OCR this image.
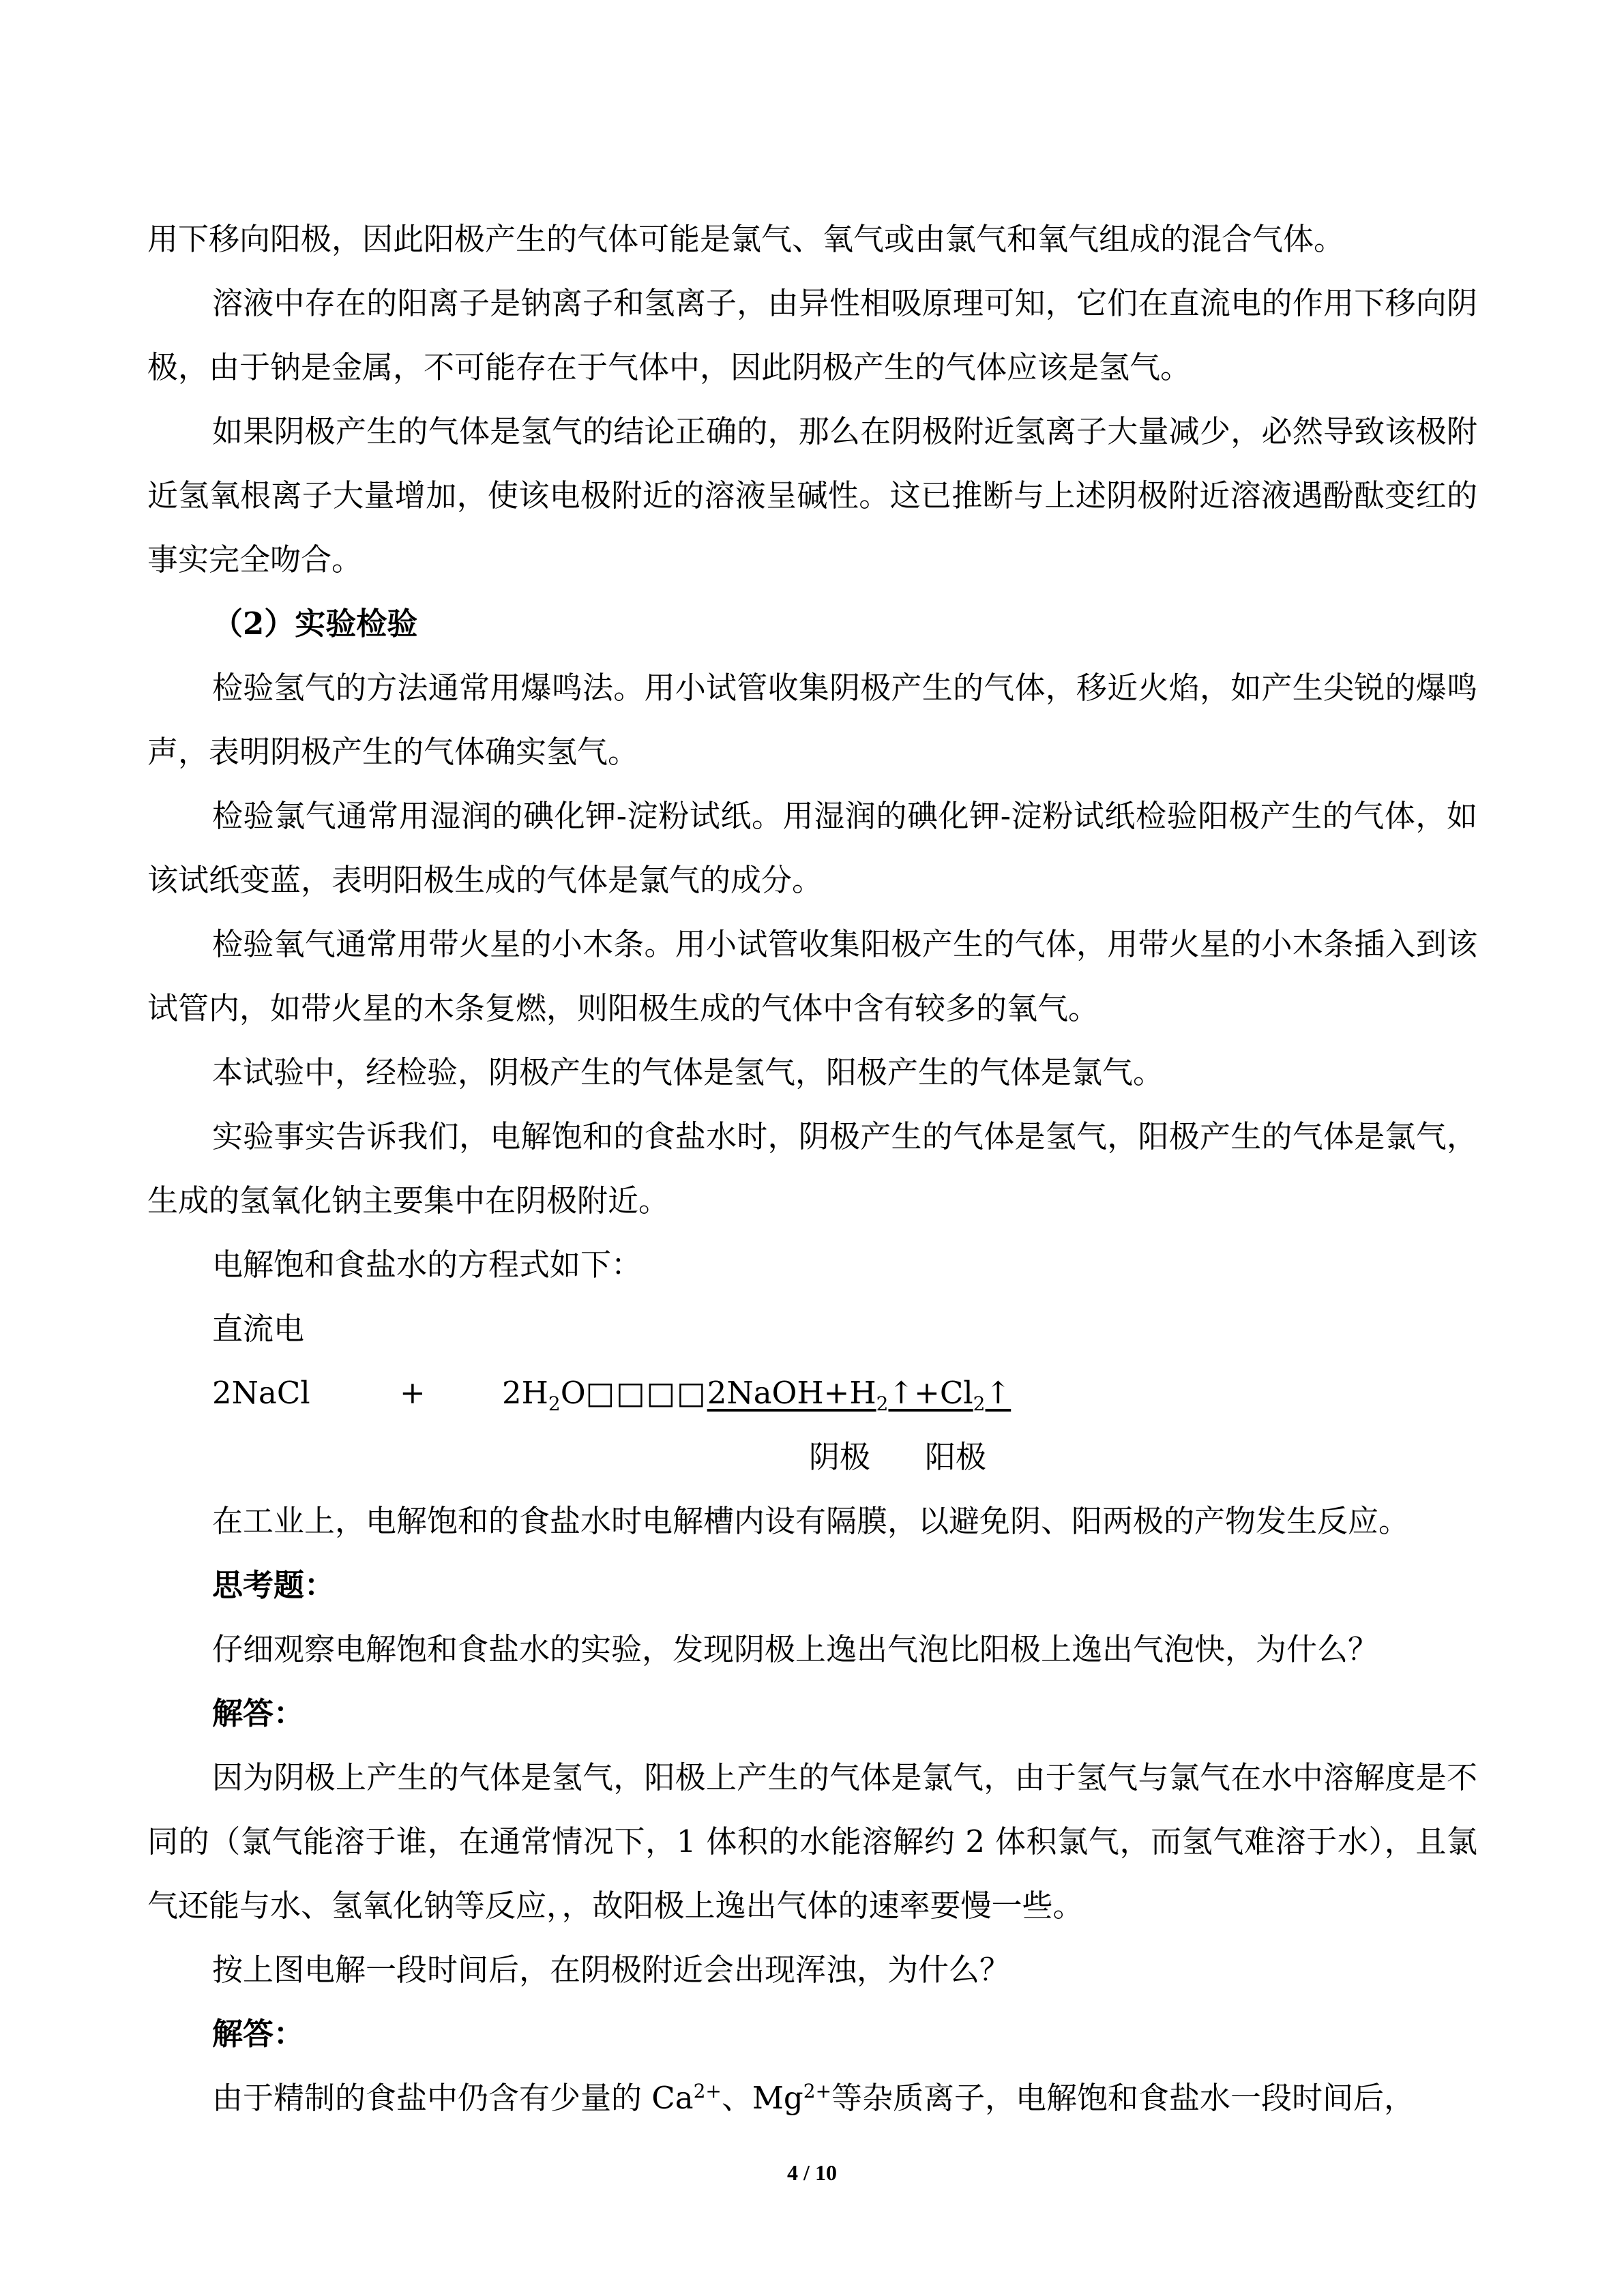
用下移向阳极，因此阳极产生的气体可能是氯气、氧气或由氯气和氧气组成的混合气体。

溶液中存在的阳离子是钠离子和氢离子，由异性相吸原理可知，它们在直流电的作用下移向阴极，由于钠是金属，不可能存在于气体中，因此阴极产生的气体应该是氢气。

如果阴极产生的气体是氢气的结论正确的，那么在阴极附近氢离子大量减少，必然导致该极附近氢氧根离子大量增加，使该电极附近的溶液呈碱性。这已推断与上述阴极附近溶液遇酚酞变红的事实完全吻合。

（2）实验检验

检验氢气的方法通常用爆鸣法。用小试管收集阴极产生的气体，移近火焰，如产生尖锐的爆鸣声，表明阴极产生的气体确实氢气。

检验氯气通常用湿润的碘化钾-淀粉试纸。用湿润的碘化钾-淀粉试纸检验阳极产生的气体，如该试纸变蓝，表明阳极生成的气体是氯气的成分。

检验氧气通常用带火星的小木条。用小试管收集阳极产生的气体，用带火星的小木条插入到该试管内，如带火星的木条复燃，则阳极生成的气体中含有较多的氧气。

本试验中，经检验，阴极产生的气体是氢气，阳极产生的气体是氯气。

实验事实告诉我们，电解饱和的食盐水时，阴极产生的气体是氢气，阳极产生的气体是氯气，生成的氢氧化钠主要集中在阴极附近。

电解饱和食盐水的方程式如下：

直流电

2NaCl	+ $2H_2O□□□□2NaOH+H_2↑+Cl_2↑$
阴极 阳极

在工业上，电解饱和的食盐水时电解槽内设有隔膜，以避免阴、阳两极的产物发生反应。

思考题：

仔细观察电解饱和食盐水的实验，发现阴极上逸出气泡比阳极上逸出气泡快，为什么？

解答：

因为阴极上产生的气体是氢气，阳极上产生的气体是氯气，由于氢气与氯气在水中溶解度是不同的（氯气能溶于谁，在通常情况下，1 体积的水能溶解约 2 体积氯气，而氢气难溶于水），且氯气还能与水、氢氧化钠等反应，，故阳极上逸出气体的速率要慢一些。

按上图电解一段时间后，在阴极附近会出现浑浊，为什么？

解答：

由于精制的食盐中仍含有少量的 $Ca^{2+}$、$Mg^{2+}$等杂质离子，电解饱和食盐水一段时间后，

4 / 10
